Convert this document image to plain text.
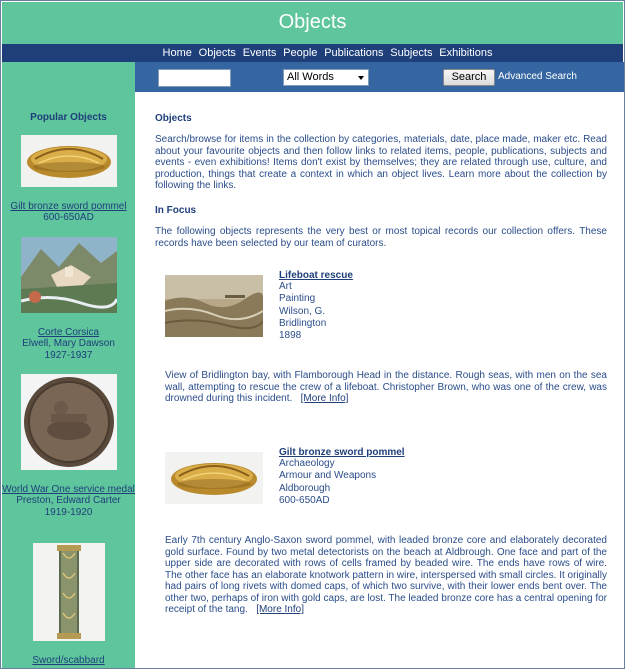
Objects
Home Objects Events People Publications Subjects Exhibitions
Popular Objects
Gilt bronze sword pommel
600-650AD
Corte Corsica
Elwell, Mary Dawson
1927-1937
World War One service medal
Preston, Edward Carter
1919-1920
Sword/scabbard
All Words	Search	Advanced Search
Objects

Search/browse for items in the collection by categories, materials, date, place made, maker etc. Read about your favourite objects and then follow links to related items, people, publications, subjects and events - even exhibitions! Items don't exist by themselves; they are related through use, culture, and production, things that create a context in which an object lives. Learn more about the collection by following the links.

In Focus

The following objects represents the very best or most topical records our collection offers. These records have been selected by our team of curators.

Lifeboat rescue
Art
Painting
Wilson, G.
Bridlington
1898

View of Bridlington bay, with Flamborough Head in the distance. Rough seas, with men on the sea wall, attempting to rescue the crew of a lifeboat. Christopher Brown, who was one of the crew, was drowned during this incident. [More Info]

Gilt bronze sword pommel
Archaeology
Armour and Weapons
Aldborough
600-650AD

Early 7th century Anglo-Saxon sword pommel, with leaded bronze core and elaborately decorated gold surface. Found by two metal detectorists on the beach at Aldbrough. One face and part of the upper side are decorated with rows of cells framed by beaded wire. The ends have rows of wire. The other face has an elaborate knotwork pattern in wire, interspersed with small circles. It originally had pairs of long rivets with domed caps, of which two survive, with their lower ends bent over. The other two, perhaps of iron with gold caps, are lost. The leaded bronze core has a central opening for receipt of the tang. [More Info]
